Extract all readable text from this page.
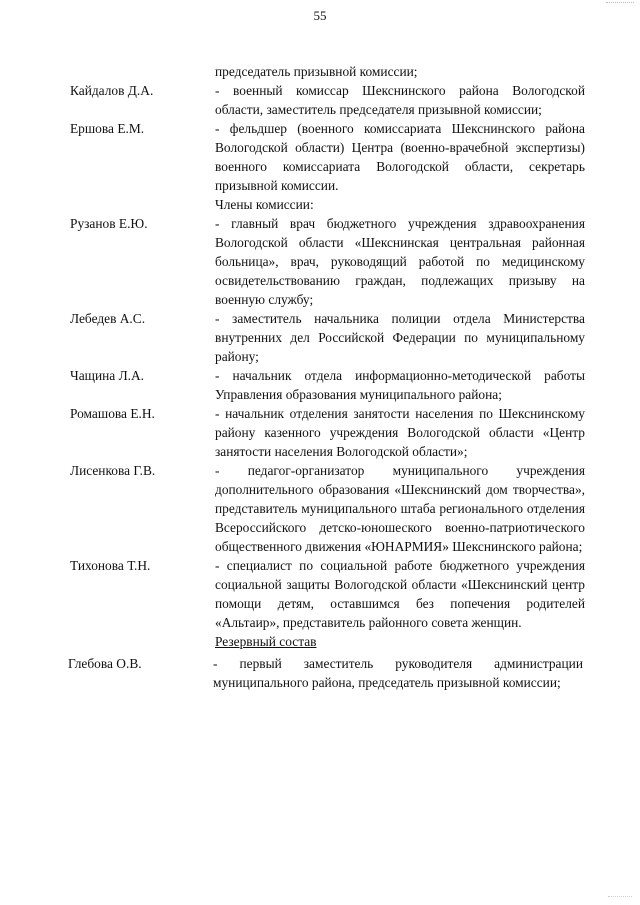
55
председатель призывной комиссии;
Кайдалов Д.А.	- военный комиссар Шекснинского района Вологодской области, заместитель председателя призывной комиссии;
Ершова Е.М.	- фельдшер (военного комиссариата Шекснинского района Вологодской области) Центра (военно-врачебной экспертизы) военного комиссариата Вологодской области, секретарь призывной комиссии.
Члены комиссии:
Рузанов Е.Ю.	- главный врач бюджетного учреждения здравоохранения Вологодской области «Шекснинская центральная районная больница», врач, руководящий работой по медицинскому освидетельствованию граждан, подлежащих призыву на военную службу;
Лебедев А.С.	- заместитель начальника полиции отдела Министерства внутренних дел Российской Федерации по муниципальному району;
Чащина Л.А.	- начальник отдела информационно-методической работы Управления образования муниципального района;
Ромашова Е.Н.	- начальник отделения занятости населения по Шекснинскому району казенного учреждения Вологодской области «Центр занятости населения Вологодской области»;
Лисенкова Г.В.	- педагог-организатор муниципального учреждения дополнительного образования «Шекснинский дом творчества», представитель муниципального штаба регионального отделения Всероссийского детско-юношеского военно-патриотического общественного движения «ЮНАРМИЯ» Шекснинского района;
Тихонова Т.Н.	- специалист по социальной работе бюджетного учреждения социальной защиты Вологодской области «Шекснинский центр помощи детям, оставшимся без попечения родителей «Альтаир», представитель районного совета женщин.
Резервный состав
Глебова О.В.	- первый заместитель руководителя администрации муниципального района, председатель призывной комиссии;
